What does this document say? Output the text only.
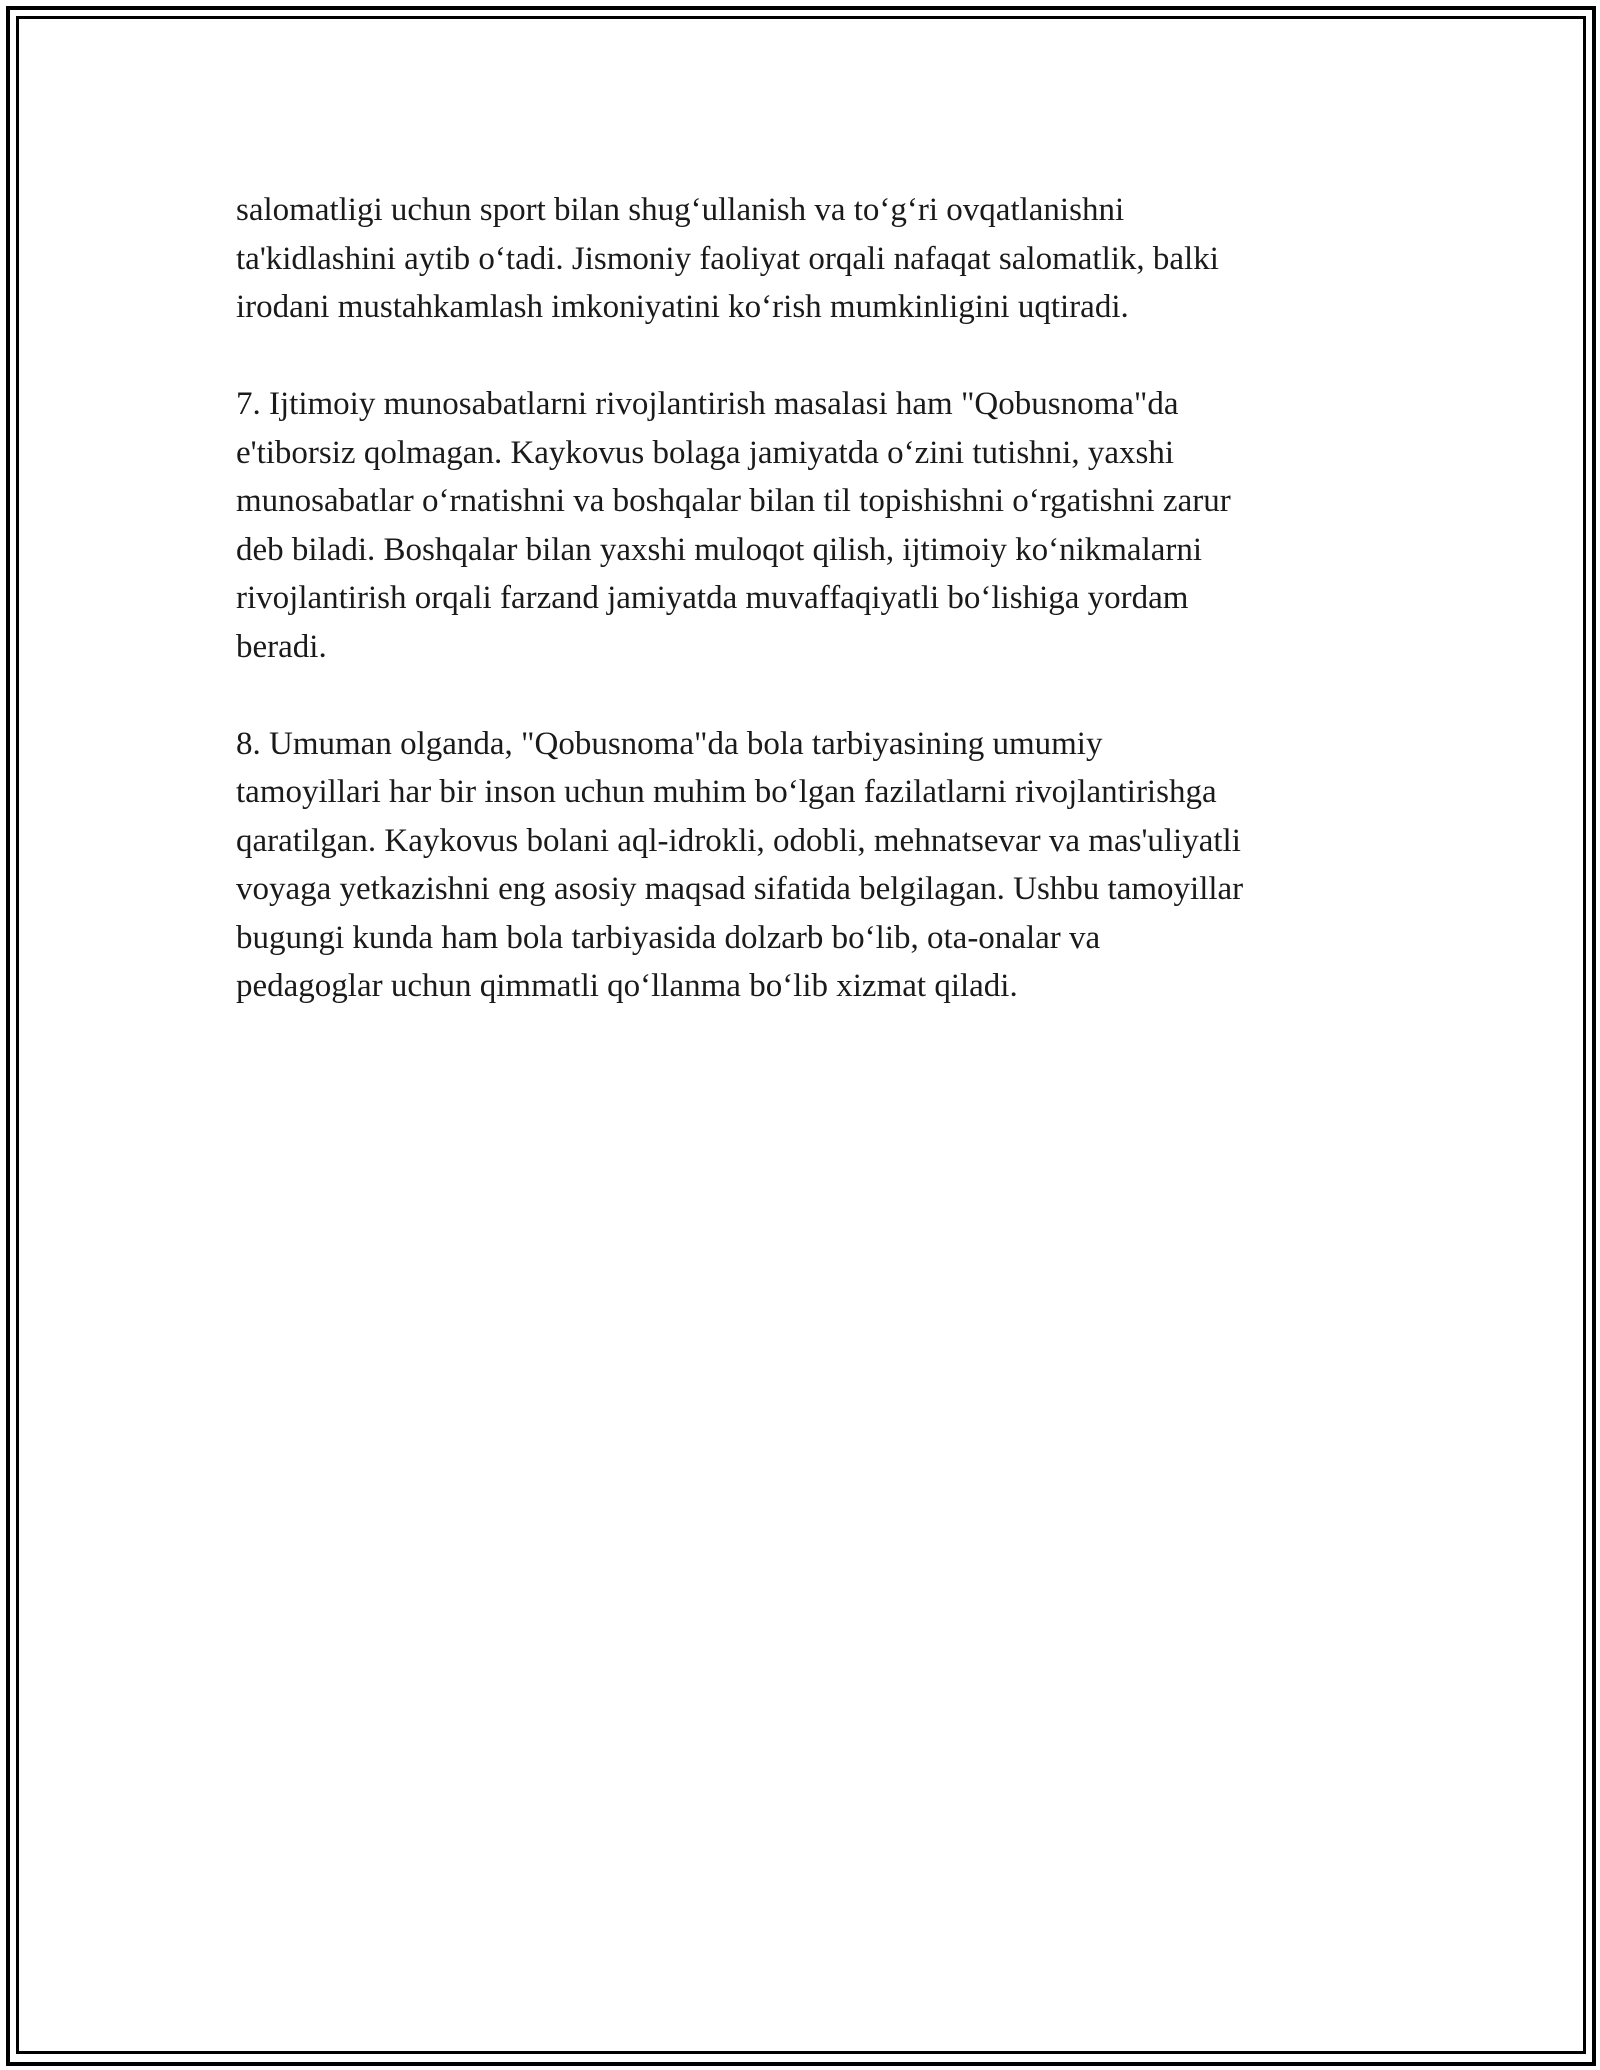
salomatligi uchun sport bilan shug‘ullanish va to‘g‘ri ovqatlanishni
ta'kidlashini aytib o‘tadi. Jismoniy faoliyat orqali nafaqat salomatlik, balki
irodani mustahkamlash imkoniyatini ko‘rish mumkinligini uqtiradi.

7. Ijtimoiy munosabatlarni rivojlantirish masalasi ham "Qobusnoma"da
e'tiborsiz qolmagan. Kaykovus bolaga jamiyatda o‘zini tutishni, yaxshi
munosabatlar o‘rnatishni va boshqalar bilan til topishishni o‘rgatishni zarur
deb biladi. Boshqalar bilan yaxshi muloqot qilish, ijtimoiy ko‘nikmalarni
rivojlantirish orqali farzand jamiyatda muvaffaqiyatli bo‘lishiga yordam
beradi.

8. Umuman olganda, "Qobusnoma"da bola tarbiyasining umumiy
tamoyillari har bir inson uchun muhim bo‘lgan fazilatlarni rivojlantirishga
qaratilgan. Kaykovus bolani aql-idrokli, odobli, mehnatsevar va mas'uliyatli
voyaga yetkazishni eng asosiy maqsad sifatida belgilagan. Ushbu tamoyillar
bugungi kunda ham bola tarbiyasida dolzarb bo‘lib, ota-onalar va
pedagoglar uchun qimmatli qo‘llanma bo‘lib xizmat qiladi.
